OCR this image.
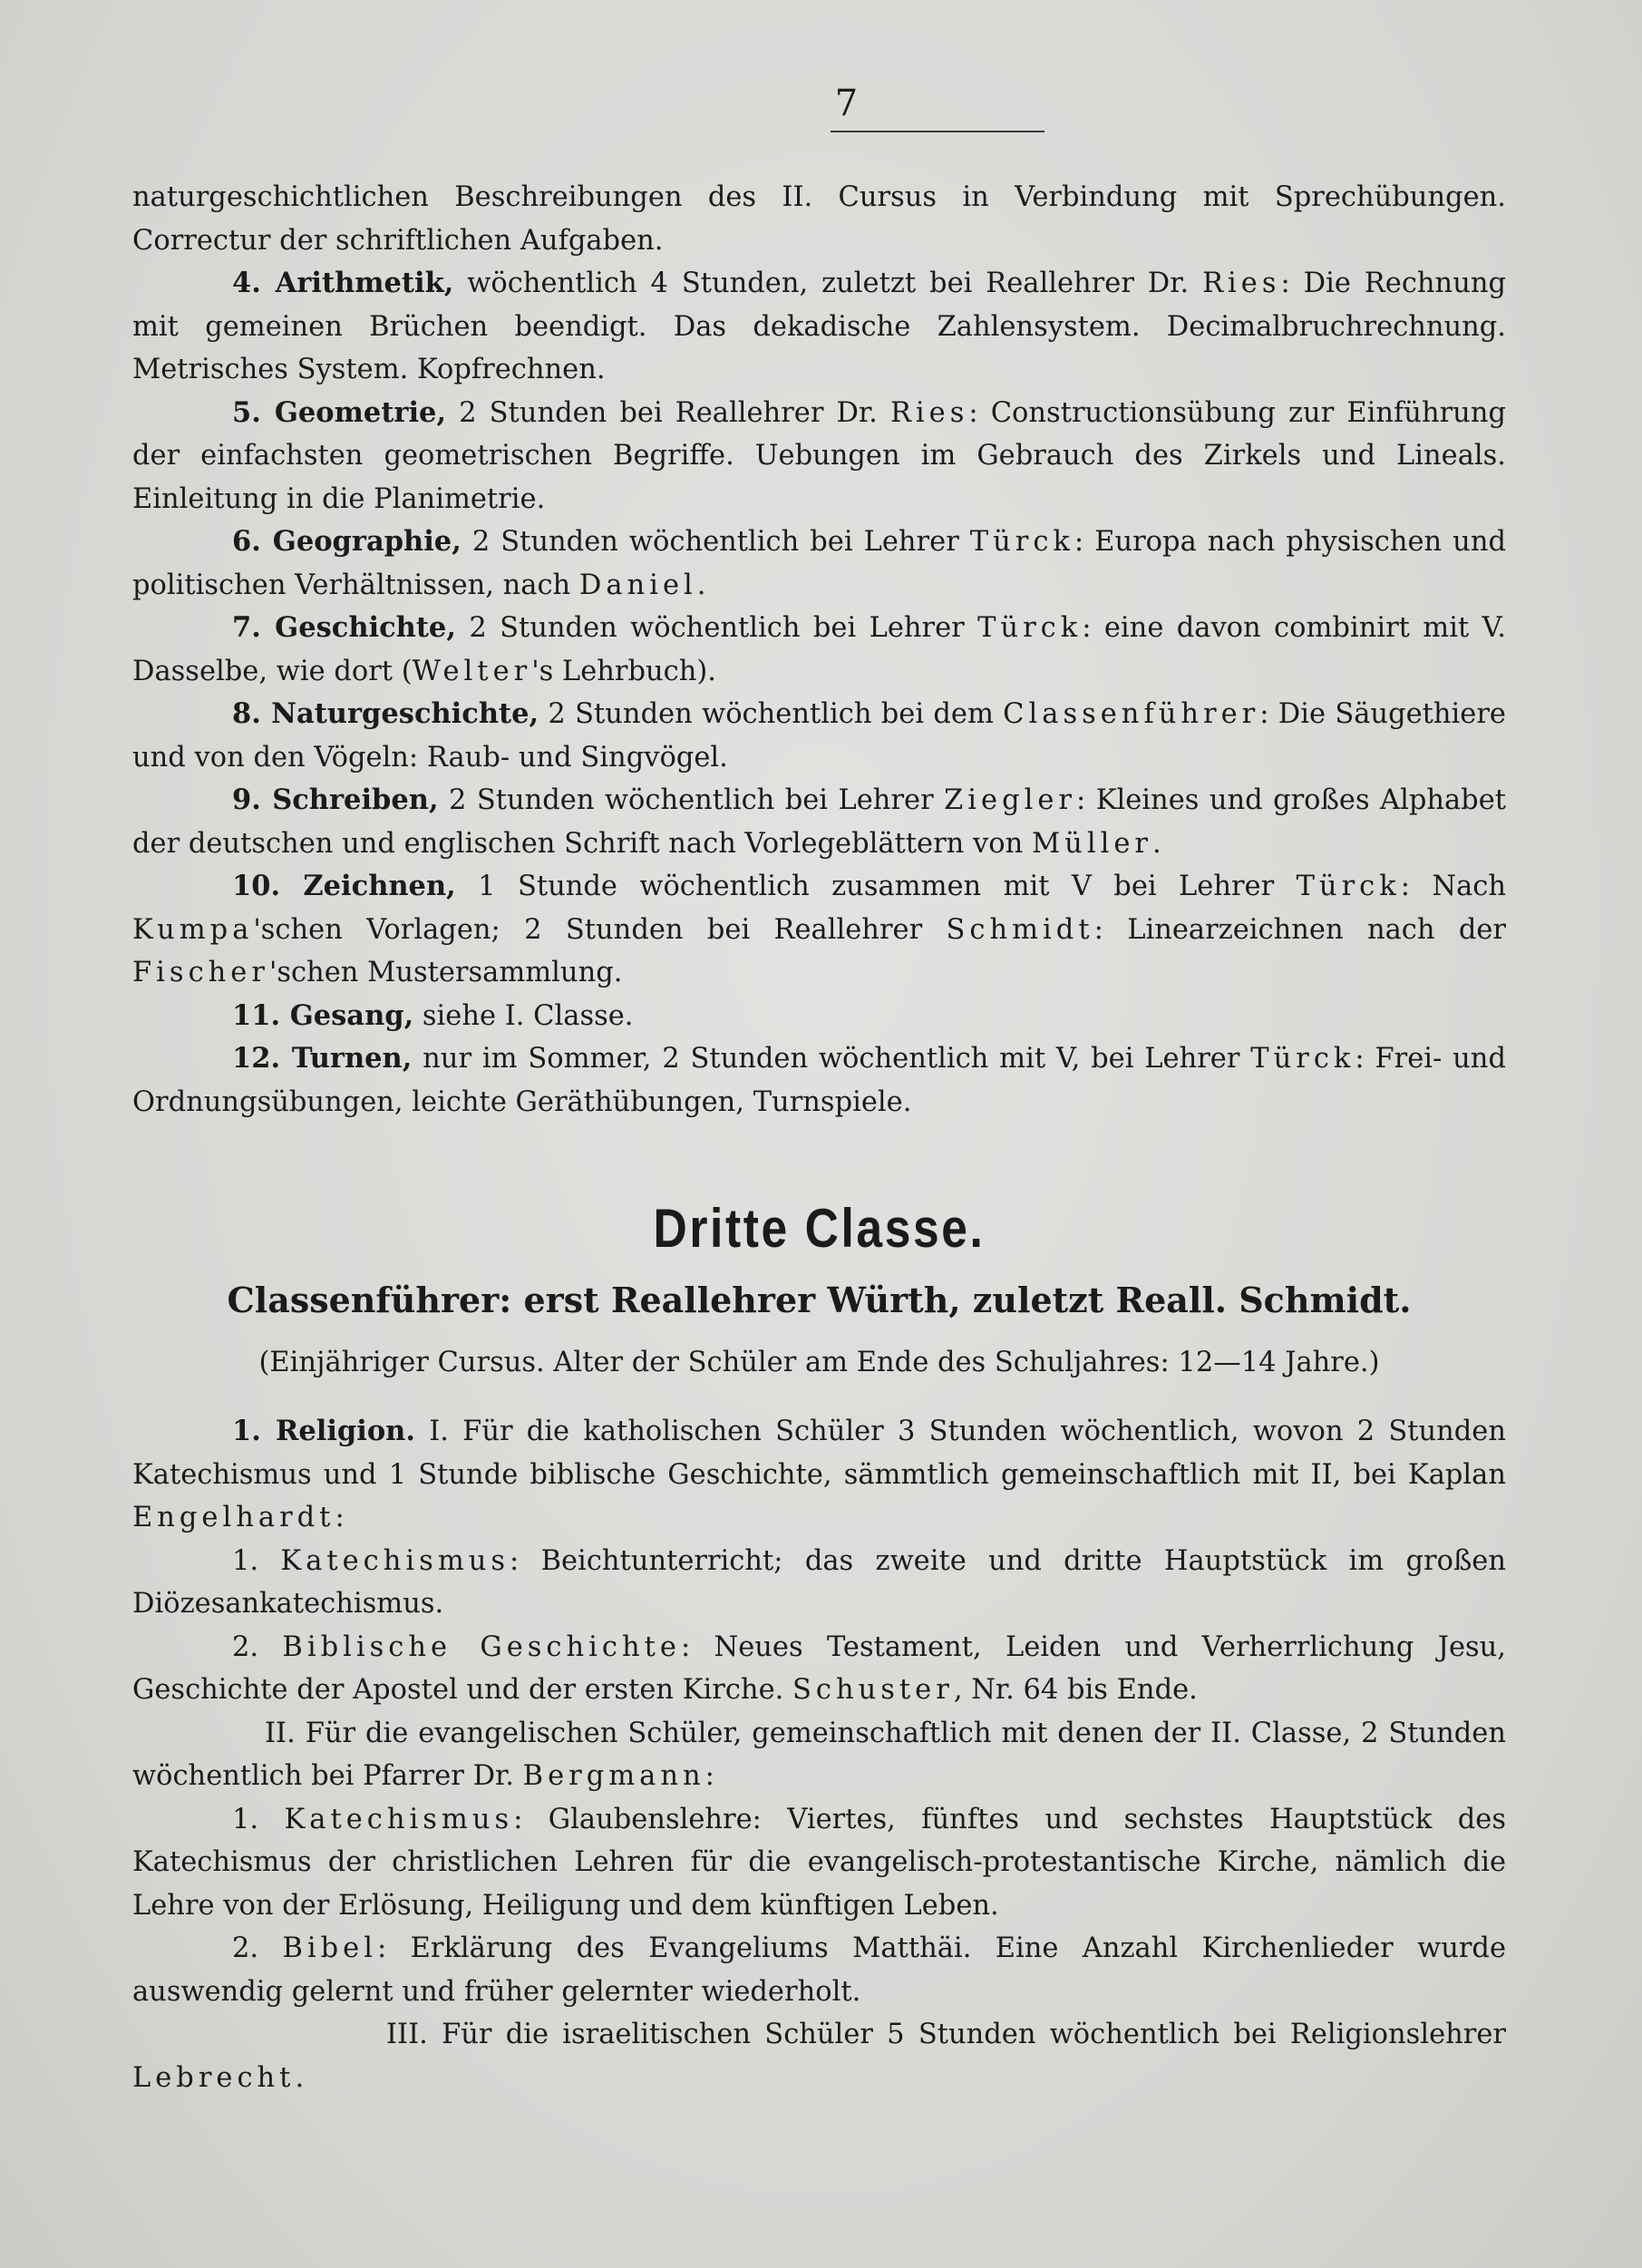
7

naturgeschichtlichen Beschreibungen des II. Cursus in Verbindung mit Sprechübungen. Correctur der schriftlichen Aufgaben.

4. Arithmetik, wöchentlich 4 Stunden, zuletzt bei Reallehrer Dr. Ries: Die Rechnung mit gemeinen Brüchen beendigt. Das dekadische Zahlensystem. Decimalbruchrechnung. Metrisches System. Kopfrechnen.

5. Geometrie, 2 Stunden bei Reallehrer Dr. Ries: Constructionsübung zur Einführung der einfachsten geometrischen Begriffe. Uebungen im Gebrauch des Zirkels und Lineals. Einleitung in die Planimetrie.

6. Geographie, 2 Stunden wöchentlich bei Lehrer Türck: Europa nach physischen und politischen Verhältnissen, nach Daniel.

7. Geschichte, 2 Stunden wöchentlich bei Lehrer Türck: eine davon combinirt mit V. Dasselbe, wie dort (Welter's Lehrbuch).

8. Naturgeschichte, 2 Stunden wöchentlich bei dem Classenführer: Die Säugethiere und von den Vögeln: Raub- und Singvögel.

9. Schreiben, 2 Stunden wöchentlich bei Lehrer Ziegler: Kleines und großes Alphabet der deutschen und englischen Schrift nach Vorlegeblättern von Müller.

10. Zeichnen, 1 Stunde wöchentlich zusammen mit V bei Lehrer Türck: Nach Kumpa'schen Vorlagen; 2 Stunden bei Reallehrer Schmidt: Linearzeichnen nach der Fischer'schen Mustersammlung.

11. Gesang, siehe I. Classe.

12. Turnen, nur im Sommer, 2 Stunden wöchentlich mit V, bei Lehrer Türck: Frei- und Ordnungsübungen, leichte Geräthübungen, Turnspiele.

Dritte Classe.
Classenführer: erst Reallehrer Würth, zuletzt Reall. Schmidt.
(Einjähriger Cursus. Alter der Schüler am Ende des Schuljahres: 12—14 Jahre.)

1. Religion. I. Für die katholischen Schüler 3 Stunden wöchentlich, wovon 2 Stunden Katechismus und 1 Stunde biblische Geschichte, sämmtlich gemeinschaftlich mit II, bei Kaplan Engelhardt:

1. Katechismus: Beichtunterricht; das zweite und dritte Hauptstück im großen Diözesankatechismus.

2. Biblische Geschichte: Neues Testament, Leiden und Verherrlichung Jesu, Geschichte der Apostel und der ersten Kirche. Schuster, Nr. 64 bis Ende.

II. Für die evangelischen Schüler, gemeinschaftlich mit denen der II. Classe, 2 Stunden wöchentlich bei Pfarrer Dr. Bergmann:

1. Katechismus: Glaubenslehre: Viertes, fünftes und sechstes Hauptstück des Katechismus der christlichen Lehren für die evangelisch-protestantische Kirche, nämlich die Lehre von der Erlösung, Heiligung und dem künftigen Leben.

2. Bibel: Erklärung des Evangeliums Matthäi. Eine Anzahl Kirchenlieder wurde auswendig gelernt und früher gelernter wiederholt.

III. Für die israelitischen Schüler 5 Stunden wöchentlich bei Religionslehrer Lebrecht.
